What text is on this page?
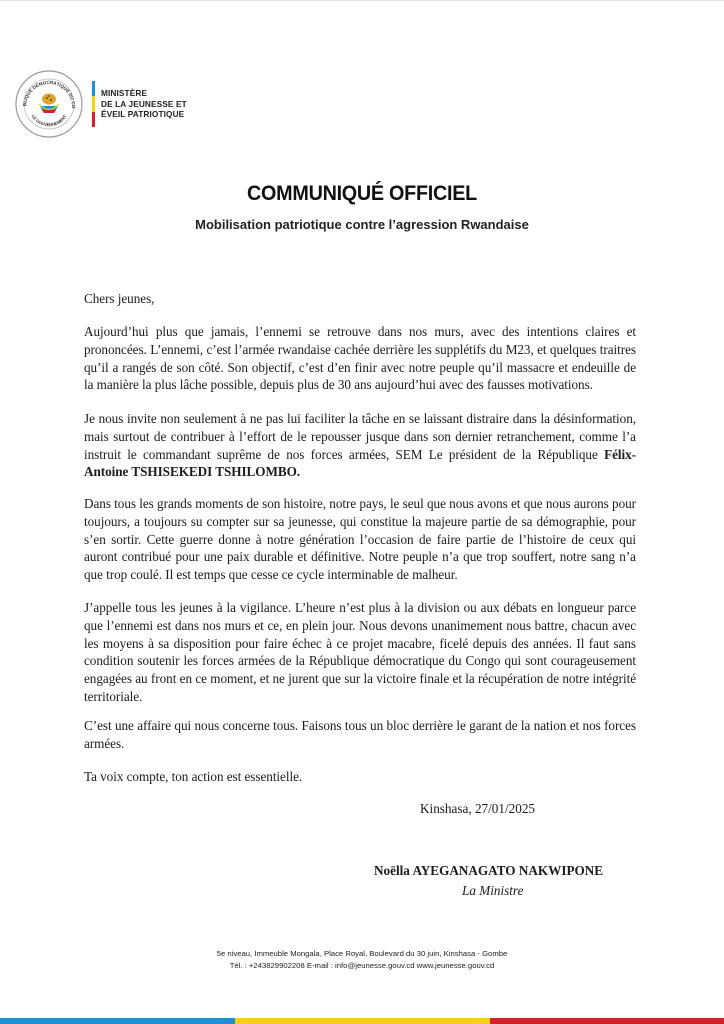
BLIQUE DÉMOCRATIQUE DU CO
LE GOUVERNEMENT
MINISTÈRE
DE LA JEUNESSE ET
ÉVEIL PATRIOTIQUE
COMMUNIQUÉ OFFICIEL
Mobilisation patriotique contre l’agression Rwandaise

Chers jeunes,

Aujourd’hui plus que jamais, l’ennemi se retrouve dans nos murs, avec des intentions claires et prononcées. L’ennemi, c’est l’armée rwandaise cachée derrière les supplétifs du M23, et quelques traitres qu’il a rangés de son côté. Son objectif, c’est d’en finir avec notre peuple qu’il massacre et endeuille de la manière la plus lâche possible, depuis plus de 30 ans aujourd’hui avec des fausses motivations.

Je nous invite non seulement à ne pas lui faciliter la tâche en se laissant distraire dans la désinformation, mais surtout de contribuer à l’effort de le repousser jusque dans son dernier retranchement, comme l’a instruit le commandant suprême de nos forces armées, SEM Le président de la République Félix-Antoine TSHISEKEDI TSHILOMBO.

Dans tous les grands moments de son histoire, notre pays, le seul que nous avons et que nous aurons pour toujours, a toujours su compter sur sa jeunesse, qui constitue la majeure partie de sa démographie, pour s’en sortir. Cette guerre donne à notre génération l’occasion de faire partie de l’histoire de ceux qui auront contribué pour une paix durable et définitive. Notre peuple n’a que trop souffert, notre sang n’a que trop coulé. Il est temps que cesse ce cycle interminable de malheur.

J’appelle tous les jeunes à la vigilance. L’heure n’est plus à la division ou aux débats en longueur parce que l’ennemi est dans nos murs et ce, en plein jour. Nous devons unanimement nous battre, chacun avec les moyens à sa disposition pour faire échec à ce projet macabre, ficelé depuis des années. Il faut sans condition soutenir les forces armées de la République démocratique du Congo qui sont courageusement engagées au front en ce moment, et ne jurent que sur la victoire finale et la récupération de notre intégrité territoriale.

C’est une affaire qui nous concerne tous. Faisons tous un bloc derrière le garant de la nation et nos forces armées.

Ta voix compte, ton action est essentielle.

Kinshasa, 27/01/2025
Noëlla AYEGANAGATO NAKWIPONE
La Ministre
5e niveau, Immeuble Mongala, Place Royal, Boulevard du 30 juin, Kinshasa - Gombe
Tél. : +243829902208 E-mail : info@jeunesse.gouv.cd www.jeunesse.gouv.cd
